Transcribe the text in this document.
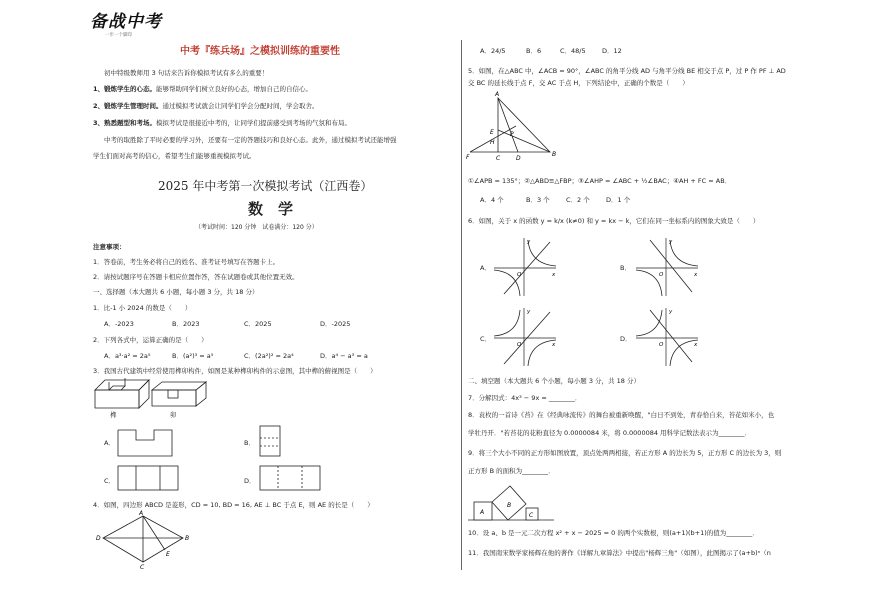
备战中考
一步一个脚印
中考『练兵场』之模拟训练的重要性
初中特级教师用 3 句话来告诉你模拟考试有多么的重要！
1、锻炼学生的心态。能够帮助同学们树立良好的心态，增加自己的自信心。
2、锻炼学生管理时间。通过模拟考试就会让同学们学会分配时间，学会取舍。
3、熟悉题型和考场。模拟考试是很接近中考的，让同学们提前感受到考场的气氛和布局。
中考的取胜除了平时必要的学习外，还要有一定的答题技巧和良好心态。此外，通过模拟考试还能增强
学生们面对高考的信心，希望考生们能够重视模拟考试。
2025 年中考第一次模拟考试（江西卷）
数　学
（考试时间：120 分钟　试卷满分：120 分）
注意事项：
1．答卷前，考生务必将自己的姓名、准考证号填写在答题卡上。
2．请按试题序号在答题卡相应位置作答，答在试题卷或其他位置无效。
一、选择题（本大题共 6 小题，每小题 3 分，共 18 分）
1．比-1 小 2024 的数是（　　）
A．-2023	B．2023	C．2025	D．-2025
2．下列各式中，运算正确的是（　　）
A．a³·a² = 2a⁵	B．(a²)³ = a⁵	C．(2a²)² = 2a⁴	D．a⁴ − a³ = a
3．我国古代建筑中经常使用榫卯构件，如图是某种榫卯构件的示意图，其中榫的俯视图是（　　）
榫	卯
A．	B．
C．	D．
4．如图，四边形 ABCD 是菱形，CD = 10, BD = 16, AE ⊥ BC 于点 E，则 AE 的长是（　　）
A
B
C
D
E
A．24/5	B．6	C．48/5	D．12
5．如图，在△ABC 中，∠ACB = 90°，∠ABC 的角平分线 AD 与角平分线 BE 相交于点 P，过 P 作 PF ⊥ AD
交 BC 的延长线于点 F，交 AC 于点 H，下列结论中，正确的个数是（　　）
A
E
H
P
F	C	D
B
①∠APB = 135°；②△ABD≌△FBP；③∠AHP = ∠ABC + ½∠BAC；④AH + FC = AB．
A．4 个	B．3 个	C．2 个	D．1 个
6．如图，关于 x 的函数 y = k/x (k≠0) 和 y = kx − k，它们在同一坐标系内的图象大致是（　　）
A．
y
x
O
B．
y
x
O
C．
y
x
O
D．
y
x
O
二、填空题（本大题共 6 个小题，每小题 3 分，共 18 分）
7．分解因式：4x³ − 9x = ________．
8．袁枚的一首诗《苔》在《经典咏流传》的舞台被重新唤醒，"白日不到处，青春恰自来，苔花如米小，也
学牡丹开．"若苔花的花粉直径为 0.0000084 米，将 0.0000084 用科学记数法表示为________．
9．将三个大小不同的正方形如图放置，顶点处两两相接，若正方形 A 的边长为 5，正方形 C 的边长为 3，则
正方形 B 的面积为________．
A
B
C
10．设 a、b 是一元二次方程 x² + x − 2025 = 0 的两个实数根，则(a+1)(b+1)的值为________．
11．我国南宋数学家杨辉在他的著作《详解九章算法》中提出"杨辉三角"（如图），此图揭示了(a+b)ⁿ（n
